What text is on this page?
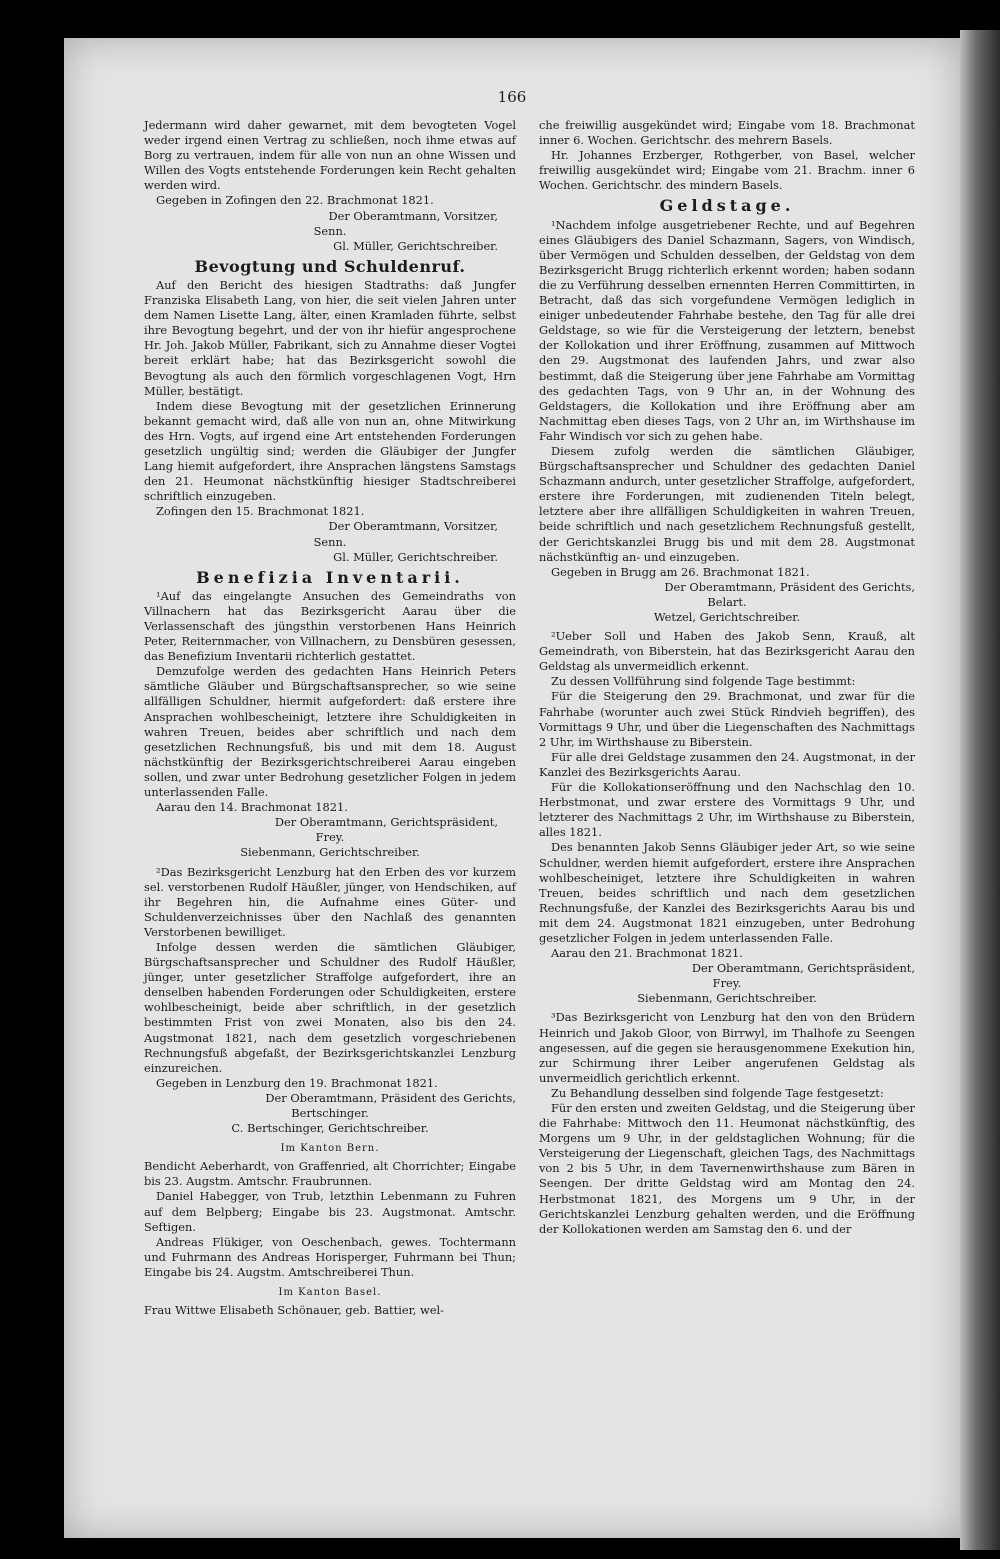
166

Jedermann wird daher gewarnet, mit dem bevogteten Vogel weder irgend einen Vertrag zu schließen, noch ihme etwas auf Borg zu vertrauen, indem für alle von nun an ohne Wissen und Willen des Vogts entstehende Forderungen kein Recht gehalten werden wird.

Gegeben in Zofingen den 22. Brachmonat 1821.

Der Oberamtmann, Vorsitzer,
Senn.
Gl. Müller, Gerichtschreiber.
Bevogtung und Schuldenruf.

Auf den Bericht des hiesigen Stadtraths: daß Jungfer Franziska Elisabeth Lang, von hier, die seit vielen Jahren unter dem Namen Lisette Lang, älter, einen Kramladen führte, selbst ihre Bevogtung begehrt, und der von ihr hiefür angesprochene Hr. Joh. Jakob Müller, Fabrikant, sich zu Annahme dieser Vogtei bereit erklärt habe; hat das Bezirksgericht sowohl die Bevogtung als auch den förmlich vorgeschlagenen Vogt, Hrn Müller, bestätigt.

Indem diese Bevogtung mit der gesetzlichen Erinnerung bekannt gemacht wird, daß alle von nun an, ohne Mitwirkung des Hrn. Vogts, auf irgend eine Art entstehenden Forderungen gesetzlich ungültig sind; werden die Gläubiger der Jungfer Lang hiemit aufgefordert, ihre Ansprachen längstens Samstags den 21. Heumonat nächstkünftig hiesiger Stadtschreiberei schriftlich einzugeben.

Zofingen den 15. Brachmonat 1821.

Der Oberamtmann, Vorsitzer,
Senn.
Gl. Müller, Gerichtschreiber.
Benefizia Inventarii.

¹Auf das eingelangte Ansuchen des Gemeindraths von Villnachern hat das Bezirksgericht Aarau über die Verlassenschaft des jüngsthin verstorbenen Hans Heinrich Peter, Reiternmacher, von Villnachern, zu Densbüren gesessen, das Benefizium Inventarii richterlich gestattet.

Demzufolge werden des gedachten Hans Heinrich Peters sämtliche Gläuber und Bürgschaftsansprecher, so wie seine allfälligen Schuldner, hiermit aufgefordert: daß erstere ihre Ansprachen wohlbescheinigt, letztere ihre Schuldigkeiten in wahren Treuen, beides aber schriftlich und nach dem gesetzlichen Rechnungsfuß, bis und mit dem 18. August nächstkünftig der Bezirksgerichtschreiberei Aarau eingeben sollen, und zwar unter Bedrohung gesetzlicher Folgen in jedem unterlassenden Falle.

Aarau den 14. Brachmonat 1821.

Der Oberamtmann, Gerichtspräsident,
Frey.
Siebenmann, Gerichtschreiber.

²Das Bezirksgericht Lenzburg hat den Erben des vor kurzem sel. verstorbenen Rudolf Häußler, jünger, von Hendschiken, auf ihr Begehren hin, die Aufnahme eines Güter- und Schuldenverzeichnisses über den Nachlaß des genannten Verstorbenen bewilliget.

Infolge dessen werden die sämtlichen Gläubiger, Bürgschaftsansprecher und Schuldner des Rudolf Häußler, jünger, unter gesetzlicher Straffolge aufgefordert, ihre an denselben habenden Forderungen oder Schuldigkeiten, erstere wohlbescheinigt, beide aber schriftlich, in der gesetzlich bestimmten Frist von zwei Monaten, also bis den 24. Augstmonat 1821, nach dem gesetzlich vorgeschriebenen Rechnungsfuß abgefaßt, der Bezirksgerichtskanzlei Lenzburg einzureichen.

Gegeben in Lenzburg den 19. Brachmonat 1821.

Der Oberamtmann, Präsident des Gerichts,
Bertschinger.
C. Bertschinger, Gerichtschreiber.
Im Kanton Bern.

Bendicht Aeberhardt, von Graffenried, alt Chorrichter; Eingabe bis 23. Augstm. Amtschr. Fraubrunnen.

Daniel Habegger, von Trub, letzthin Lebenmann zu Fuhren auf dem Belpberg; Eingabe bis 23. Augstmonat. Amtschr. Seftigen.

Andreas Flükiger, von Oeschenbach, gewes. Tochtermann und Fuhrmann des Andreas Horisperger, Fuhrmann bei Thun; Eingabe bis 24. Augstm. Amtschreiberei Thun.

Im Kanton Basel.

Frau Wittwe Elisabeth Schönauer, geb. Battier, wel-

che freiwillig ausgekündet wird; Eingabe vom 18. Brachmonat inner 6. Wochen. Gerichtschr. des mehrern Basels.

Hr. Johannes Erzberger, Rothgerber, von Basel, welcher freiwillig ausgekündet wird; Eingabe vom 21. Brachm. inner 6 Wochen. Gerichtschr. des mindern Basels.

Geldstage.

¹Nachdem infolge ausgetriebener Rechte, und auf Begehren eines Gläubigers des Daniel Schazmann, Sagers, von Windisch, über Vermögen und Schulden desselben, der Geldstag von dem Bezirksgericht Brugg richterlich erkennt worden; haben sodann die zu Verführung desselben ernennten Herren Committirten, in Betracht, daß das sich vorgefundene Vermögen lediglich in einiger unbedeutender Fahrhabe bestehe, den Tag für alle drei Geldstage, so wie für die Versteigerung der letztern, benebst der Kollokation und ihrer Eröffnung, zusammen auf Mittwoch den 29. Augstmonat des laufenden Jahrs, und zwar also bestimmt, daß die Steigerung über jene Fahrhabe am Vormittag des gedachten Tags, von 9 Uhr an, in der Wohnung des Geldstagers, die Kollokation und ihre Eröffnung aber am Nachmittag eben dieses Tags, von 2 Uhr an, im Wirthshause im Fahr Windisch vor sich zu gehen habe.

Diesem zufolg werden die sämtlichen Gläubiger, Bürgschaftsansprecher und Schuldner des gedachten Daniel Schazmann andurch, unter gesetzlicher Straffolge, aufgefordert, erstere ihre Forderungen, mit zudienenden Titeln belegt, letztere aber ihre allfälligen Schuldigkeiten in wahren Treuen, beide schriftlich und nach gesetzlichem Rechnungsfuß gestellt, der Gerichtskanzlei Brugg bis und mit dem 28. Augstmonat nächstkünftig an- und einzugeben.

Gegeben in Brugg am 26. Brachmonat 1821.

Der Oberamtmann, Präsident des Gerichts,
Belart.
Wetzel, Gerichtschreiber.

²Ueber Soll und Haben des Jakob Senn, Krauß, alt Gemeindrath, von Biberstein, hat das Bezirksgericht Aarau den Geldstag als unvermeidlich erkennt.

Zu dessen Vollführung sind folgende Tage bestimmt:

Für die Steigerung den 29. Brachmonat, und zwar für die Fahrhabe (worunter auch zwei Stück Rindvieh begriffen), des Vormittags 9 Uhr, und über die Liegenschaften des Nachmittags 2 Uhr, im Wirthshause zu Biberstein.

Für alle drei Geldstage zusammen den 24. Augstmonat, in der Kanzlei des Bezirksgerichts Aarau.

Für die Kollokationseröffnung und den Nachschlag den 10. Herbstmonat, und zwar erstere des Vormittags 9 Uhr, und letzterer des Nachmittags 2 Uhr, im Wirthshause zu Biberstein, alles 1821.

Des benannten Jakob Senns Gläubiger jeder Art, so wie seine Schuldner, werden hiemit aufgefordert, erstere ihre Ansprachen wohlbescheiniget, letztere ihre Schuldigkeiten in wahren Treuen, beides schriftlich und nach dem gesetzlichen Rechnungsfuße, der Kanzlei des Bezirksgerichts Aarau bis und mit dem 24. Augstmonat 1821 einzugeben, unter Bedrohung gesetzlicher Folgen in jedem unterlassenden Falle.

Aarau den 21. Brachmonat 1821.

Der Oberamtmann, Gerichtspräsident,
Frey.
Siebenmann, Gerichtschreiber.

³Das Bezirksgericht von Lenzburg hat den von den Brüdern Heinrich und Jakob Gloor, von Birrwyl, im Thalhofe zu Seengen angesessen, auf die gegen sie herausgenommene Exekution hin, zur Schirmung ihrer Leiber angerufenen Geldstag als unvermeidlich gerichtlich erkennt.

Zu Behandlung desselben sind folgende Tage festgesetzt:

Für den ersten und zweiten Geldstag, und die Steigerung über die Fahrhabe: Mittwoch den 11. Heumonat nächstkünftig, des Morgens um 9 Uhr, in der geldstaglichen Wohnung; für die Versteigerung der Liegenschaft, gleichen Tags, des Nachmittags von 2 bis 5 Uhr, in dem Tavernenwirthshause zum Bären in Seengen. Der dritte Geldstag wird am Montag den 24. Herbstmonat 1821, des Morgens um 9 Uhr, in der Gerichtskanzlei Lenzburg gehalten werden, und die Eröffnung der Kollokationen werden am Samstag den 6. und der
